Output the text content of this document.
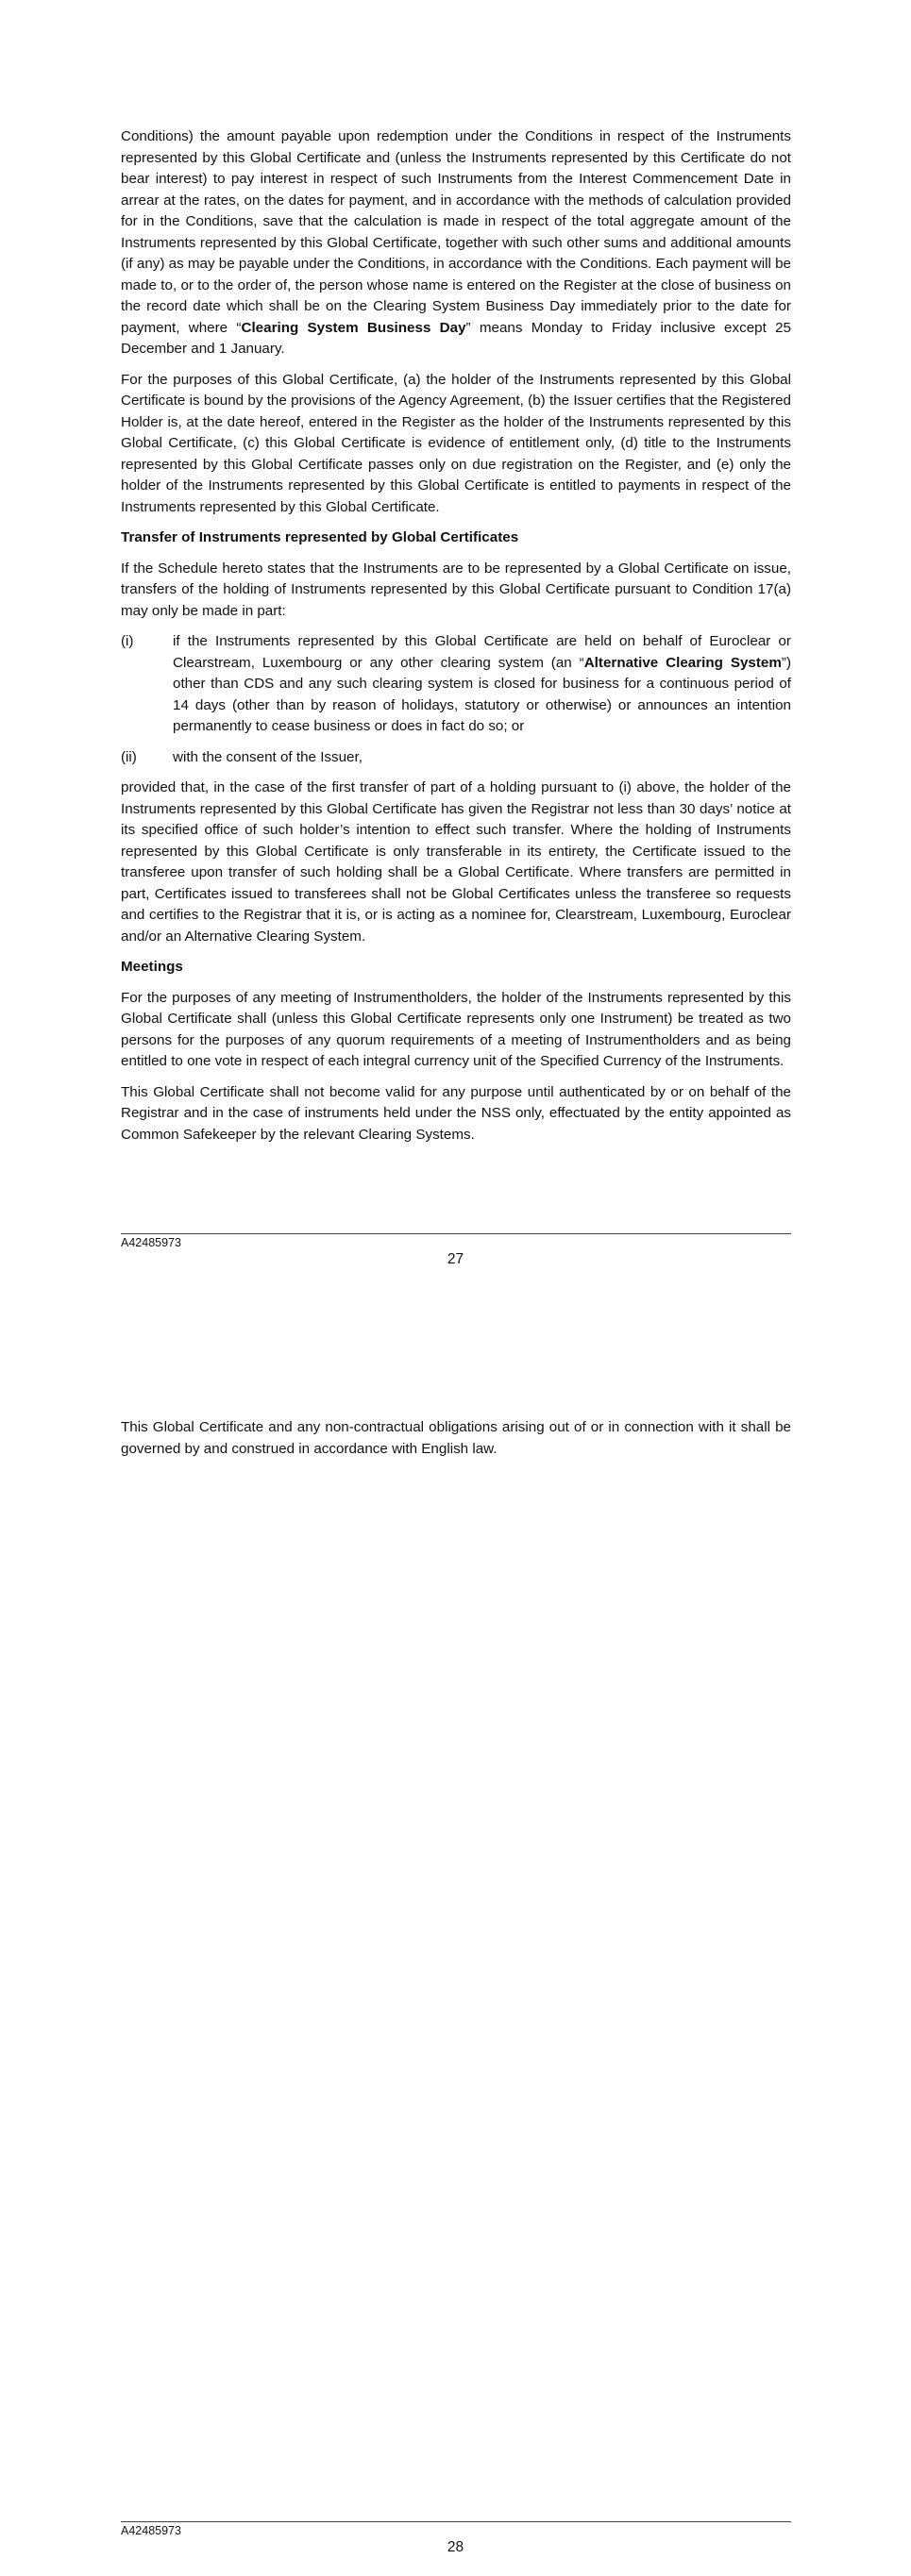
Conditions) the amount payable upon redemption under the Conditions in respect of the Instruments represented by this Global Certificate and (unless the Instruments represented by this Certificate do not bear interest) to pay interest in respect of such Instruments from the Interest Commencement Date in arrear at the rates, on the dates for payment, and in accordance with the methods of calculation provided for in the Conditions, save that the calculation is made in respect of the total aggregate amount of the Instruments represented by this Global Certificate, together with such other sums and additional amounts (if any) as may be payable under the Conditions, in accordance with the Conditions. Each payment will be made to, or to the order of, the person whose name is entered on the Register at the close of business on the record date which shall be on the Clearing System Business Day immediately prior to the date for payment, where “Clearing System Business Day” means Monday to Friday inclusive except 25 December and 1 January.

For the purposes of this Global Certificate, (a) the holder of the Instruments represented by this Global Certificate is bound by the provisions of the Agency Agreement, (b) the Issuer certifies that the Registered Holder is, at the date hereof, entered in the Register as the holder of the Instruments represented by this Global Certificate, (c) this Global Certificate is evidence of entitlement only, (d) title to the Instruments represented by this Global Certificate passes only on due registration on the Register, and (e) only the holder of the Instruments represented by this Global Certificate is entitled to payments in respect of the Instruments represented by this Global Certificate.

Transfer of Instruments represented by Global Certificates

If the Schedule hereto states that the Instruments are to be represented by a Global Certificate on issue, transfers of the holding of Instruments represented by this Global Certificate pursuant to Condition 17(a) may only be made in part:

(i)	if the Instruments represented by this Global Certificate are held on behalf of Euroclear or Clearstream, Luxembourg or any other clearing system (an “Alternative Clearing System”) other than CDS and any such clearing system is closed for business for a continuous period of 14 days (other than by reason of holidays, statutory or otherwise) or announces an intention permanently to cease business or does in fact do so; or
(ii)	with the consent of the Issuer,

provided that, in the case of the first transfer of part of a holding pursuant to (i) above, the holder of the Instruments represented by this Global Certificate has given the Registrar not less than 30 days’ notice at its specified office of such holder’s intention to effect such transfer. Where the holding of Instruments represented by this Global Certificate is only transferable in its entirety, the Certificate issued to the transferee upon transfer of such holding shall be a Global Certificate. Where transfers are permitted in part, Certificates issued to transferees shall not be Global Certificates unless the transferee so requests and certifies to the Registrar that it is, or is acting as a nominee for, Clearstream, Luxembourg, Euroclear and/or an Alternative Clearing System.

Meetings

For the purposes of any meeting of Instrumentholders, the holder of the Instruments represented by this Global Certificate shall (unless this Global Certificate represents only one Instrument) be treated as two persons for the purposes of any quorum requirements of a meeting of Instrumentholders and as being entitled to one vote in respect of each integral currency unit of the Specified Currency of the Instruments.

This Global Certificate shall not become valid for any purpose until authenticated by or on behalf of the Registrar and in the case of instruments held under the NSS only, effectuated by the entity appointed as Common Safekeeper by the relevant Clearing Systems.

A42485973
27

This Global Certificate and any non-contractual obligations arising out of or in connection with it shall be governed by and construed in accordance with English law.

A42485973
28
